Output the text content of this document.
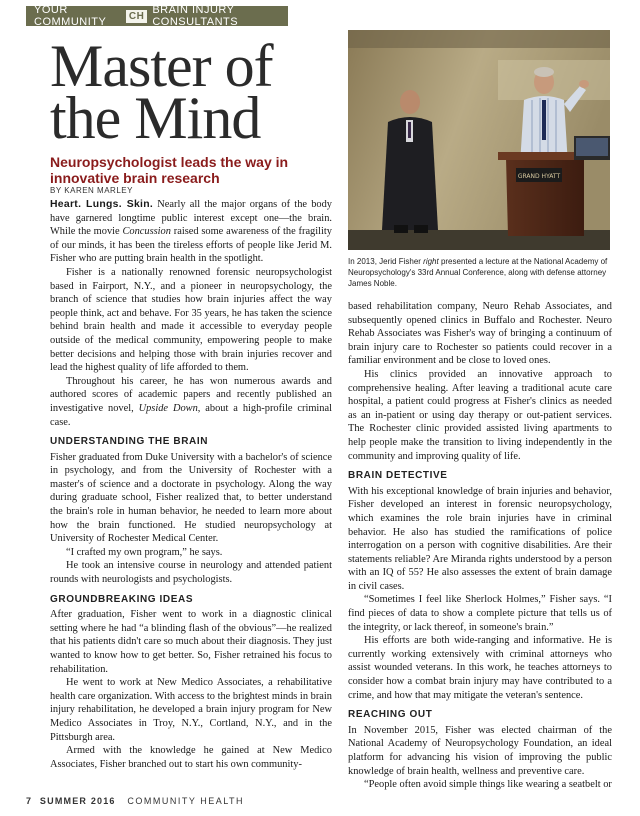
YOUR COMMUNITY	CH BRAIN INJURY CONSULTANTS
Master of
the Mind
Neuropsychologist leads the way in innovative brain research
BY KAREN MARLEY
GRAND HYATT
In 2013, Jerid Fisher right presented a lecture at the National Academy of Neuropsychology's 33rd Annual Conference, along with defense attorney James Noble.

Heart. Lungs. Skin. Nearly all the major organs of the body have garnered longtime public interest except one—the brain. While the movie Concussion raised some awareness of the fragility of our minds, it has been the tireless efforts of people like Jerid M. Fisher who are putting brain health in the spotlight.

Fisher is a nationally renowned forensic neuropsychologist based in Fairport, N.Y., and a pioneer in neuropsychology, the branch of science that studies how brain injuries affect the way people think, act and behave. For 35 years, he has taken the science behind brain health and made it accessible to everyday people outside of the medical community, empowering people to make better decisions and helping those with brain injuries recover and lead the highest quality of life afforded to them.

Throughout his career, he has won numerous awards and authored scores of academic papers and recently published an investigative novel, Upside Down, about a high-profile criminal case.

UNDERSTANDING THE BRAIN

Fisher graduated from Duke University with a bachelor's of science in psychology, and from the University of Rochester with a master's of science and a doctorate in psychology. Along the way during graduate school, Fisher realized that, to better understand the brain's role in human behavior, he needed to learn more about how the brain functioned. He studied neuropsychology at University of Rochester Medical Center.

“I crafted my own program,” he says.

He took an intensive course in neurology and attended patient rounds with neurologists and psychologists.

GROUNDBREAKING IDEAS

After graduation, Fisher went to work in a diagnostic clinical setting where he had “a blinding flash of the obvious”—he realized that his patients didn't care so much about their diagnosis. They just wanted to know how to get better. So, Fisher retrained his focus to rehabilitation.

He went to work at New Medico Associates, a rehabilitative health care organization. With access to the brightest minds in brain injury rehabilitation, he developed a brain injury program for New Medico Associates in Troy, N.Y., Cortland, N.Y., and in the Pittsburgh area.

Armed with the knowledge he gained at New Medico Associates, Fisher branched out to start his own community-

based rehabilitation company, Neuro Rehab Associates, and subsequently opened clinics in Buffalo and Rochester. Neuro Rehab Associates was Fisher's way of bringing a continuum of brain injury care to Rochester so patients could recover in a familiar environment and be close to loved ones.

His clinics provided an innovative approach to comprehensive healing. After leaving a traditional acute care hospital, a patient could progress at Fisher's clinics as needed as an in-patient or using day therapy or out-patient services. The Rochester clinic provided assisted living apartments to help people make the transition to living independently in the community and improving quality of life.

BRAIN DETECTIVE

With his exceptional knowledge of brain injuries and behavior, Fisher developed an interest in forensic neuropsychology, which examines the role brain injuries have in criminal behavior. He also has studied the ramifications of police interrogation on a person with cognitive disabilities. Are their statements reliable? Are Miranda rights understood by a person with an IQ of 55? He also assesses the extent of brain damage in civil cases.

“Sometimes I feel like Sherlock Holmes,” Fisher says. “I find pieces of data to show a complete picture that tells us of the integrity, or lack thereof, in someone's brain.”

His efforts are both wide-ranging and informative. He is currently working extensively with criminal attorneys who assist wounded veterans. In this work, he teaches attorneys to consider how a combat brain injury may have contributed to a crime, and how that may mitigate the veteran's sentence.

REACHING OUT

In November 2015, Fisher was elected chairman of the National Academy of Neuropsychology Foundation, an ideal platform for advancing his vision of improving the public knowledge of brain health, wellness and preventive care.

“People often avoid simple things like wearing a seatbelt or

7 SUMMER 2016 COMMUNITY HEALTH
